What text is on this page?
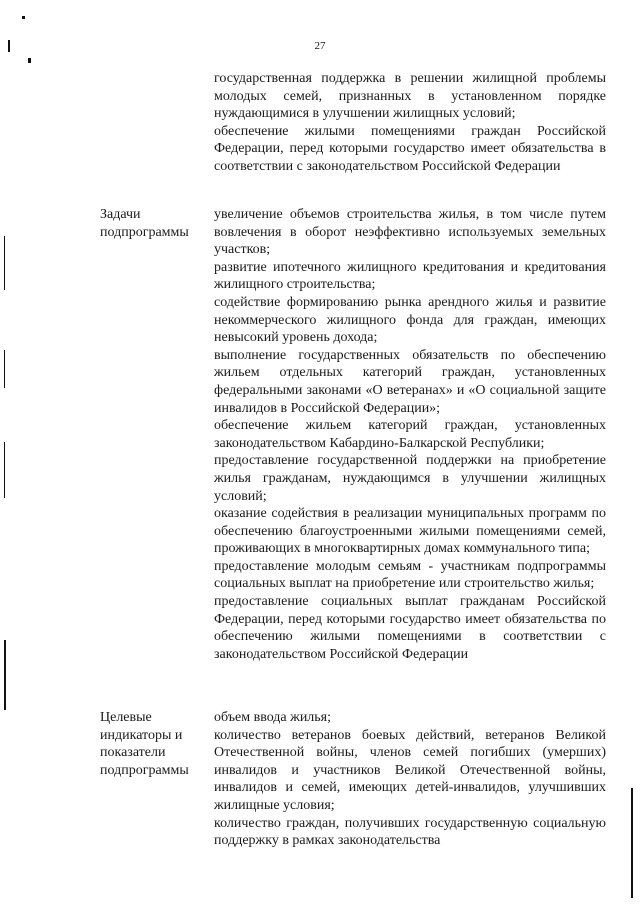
27

государственная поддержка в решении жилищной проблемы молодых семей, признанных в установленном порядке нуждающимися в улучшении жилищных условий;

обеспечение жилыми помещениями граждан Российской Федерации, перед которыми государство имеет обязательства в соответствии с законодательством Российской Федерации

Задачи подпрограммы

увеличение объемов строительства жилья, в том числе путем вовлечения в оборот неэффективно используемых земельных участков;

развитие ипотечного жилищного кредитования и кредитования жилищного строительства;

содействие формированию рынка арендного жилья и развитие некоммерческого жилищного фонда для граждан, имеющих невысокий уровень дохода;

выполнение государственных обязательств по обеспечению жильем отдельных категорий граждан, установленных федеральными законами «О ветеранах» и «О социальной защите инвалидов в Российской Федерации»;

обеспечение жильем категорий граждан, установленных законодательством Кабардино-Балкарской Республики;

предоставление государственной поддержки на приобретение жилья гражданам, нуждающимся в улучшении жилищных условий;

оказание содействия в реализации муниципальных программ по обеспечению благоустроенными жилыми помещениями семей, проживающих в многоквартирных домах коммунального типа;

предоставление молодым семьям - участникам подпрограммы социальных выплат на приобретение или строительство жилья;

предоставление социальных выплат гражданам Российской Федерации, перед которыми государство имеет обязательства по обеспечению жилыми помещениями в соответствии с законодательством Российской Федерации

Целевые индикаторы и показатели подпрограммы

объем ввода жилья;

количество ветеранов боевых действий, ветеранов Великой Отечественной войны, членов семей погибших (умерших) инвалидов и участников Великой Отечественной войны, инвалидов и семей, имеющих детей-инвалидов, улучшивших жилищные условия;

количество граждан, получивших государственную социальную поддержку в рамках законодательства
